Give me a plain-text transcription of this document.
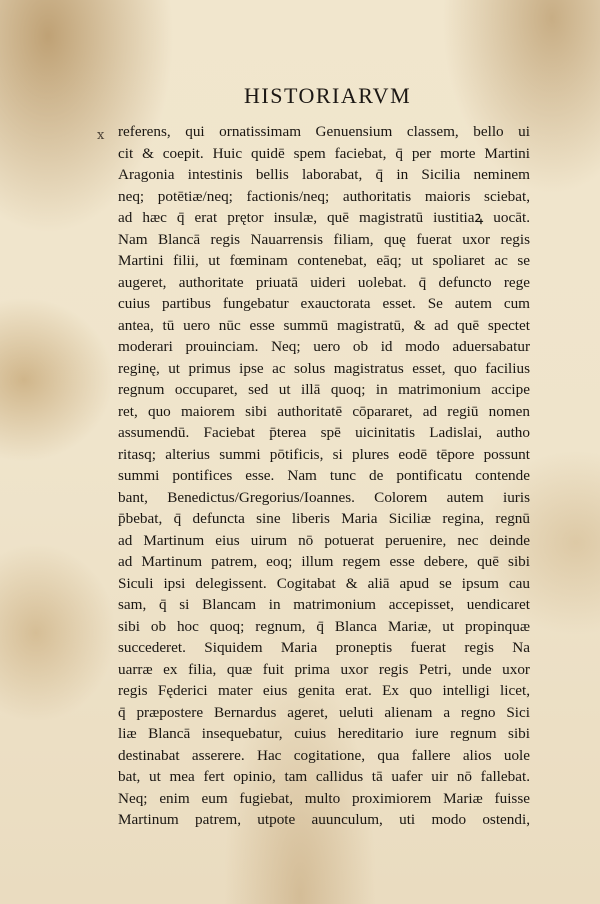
HISTORIARVM
x referens, qui ornatissimam Genuensium classem, bello ui
cit & coepit. Huic quidē spem faciebat, q̄ per morte Martini
Aragonia intestinis bellis laborabat, q̄ in Sicilia neminem
neq; potētiæ/neq; factionis/neq; authoritatis maioris sciebat,
ad hæc q̄ erat prętor insulæ, quē magistratū iustitiaꝝ uocāt.
Nam Blancā regis Nauarrensis filiam, quę fuerat uxor regis
Martini filii, ut fœminam contenebat, eāq; ut spoliaret ac se
augeret, authoritate priuatā uideri uolebat. q̄ defuncto rege
cuius partibus fungebatur exauctorata esset. Se autem cum
antea, tū uero nūc esse summū magistratū, & ad quē spectet
moderari prouinciam. Neq; uero ob id modo aduersabatur
reginę, ut primus ipse ac solus magistratus esset, quo facilius
regnum occuparet, sed ut illā quoq; in matrimonium accipe
ret, quo maiorem sibi authoritatē cōpararet, ad regiū nomen
assumendū. Faciebat p̄terea spē uicinitatis Ladislai, autho
ritasq; alterius summi pōtificis, si plures eodē tēpore possunt
summi pontifices esse. Nam tunc de pontificatu contende
bant, Benedictus/Gregorius/Ioannes. Colorem autem iuris
p̄bebat, q̄ defuncta sine liberis Maria Siciliæ regina, regnū
ad Martinum eius uirum nō potuerat peruenire, nec deinde
ad Martinum patrem, eoq; illum regem esse debere, quē sibi
Siculi ipsi delegissent. Cogitabat & aliā apud se ipsum cau
sam, q̄ si Blancam in matrimonium accepisset, uendicaret
sibi ob hoc quoq; regnum, q̄ Blanca Mariæ, ut propinquæ
succederet. Siquidem Maria proneptis fuerat regis Na
uarræ ex filia, quæ fuit prima uxor regis Petri, unde uxor
regis Fęderici mater eius genita erat. Ex quo intelligi licet,
q̄ præpostere Bernardus ageret, ueluti alienam a regno Sici
liæ Blancā insequebatur, cuius hereditario iure regnum sibi
destinabat asserere. Hac cogitatione, qua fallere alios uole
bat, ut mea fert opinio, tam callidus tā uafer uir nō fallebat.
Neq; enim eum fugiebat, multo proximiorem Mariæ fuisse
Martinum patrem, utpote auunculum, uti modo ostendi,
